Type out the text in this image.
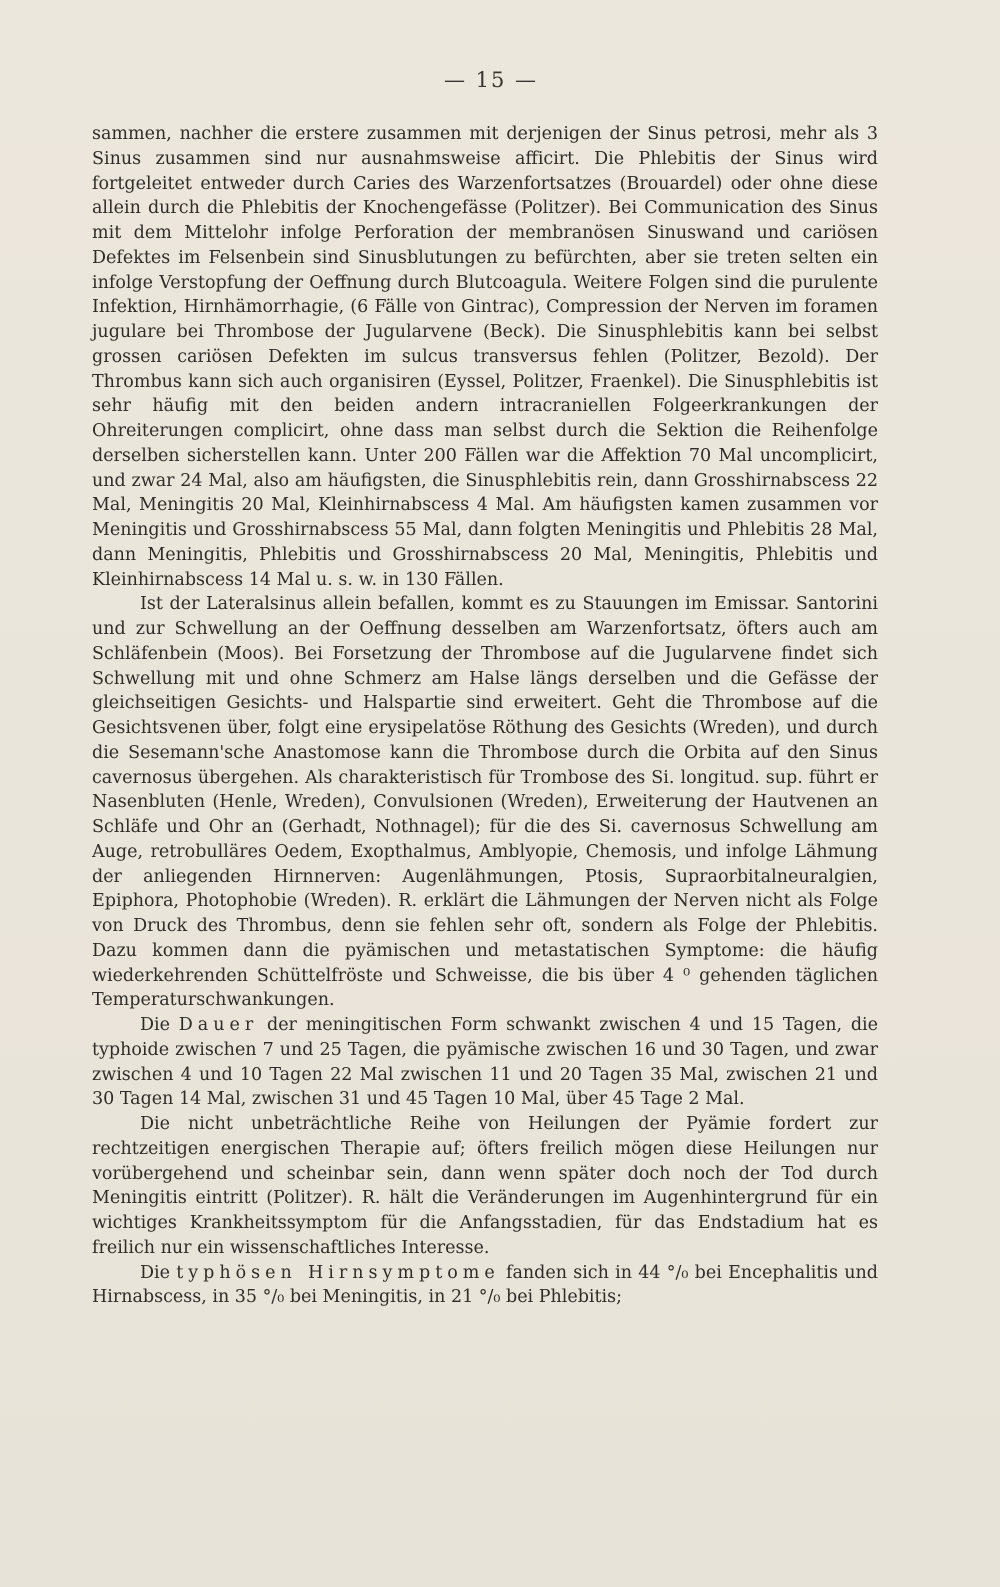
— 15 —

sammen, nachher die erstere zusammen mit derjenigen der Sinus petrosi, mehr als 3 Sinus zusammen sind nur ausnahmsweise afficirt. Die Phlebitis der Sinus wird fortgeleitet entweder durch Caries des Warzenfortsatzes (Brouardel) oder ohne diese allein durch die Phlebitis der Knochengefässe (Politzer). Bei Communication des Sinus mit dem Mittelohr infolge Perforation der membranösen Sinuswand und cariösen Defektes im Felsenbein sind Sinusblutungen zu befürchten, aber sie treten selten ein infolge Verstopfung der Oeffnung durch Blutcoagula. Weitere Folgen sind die purulente Infektion, Hirnhämorrhagie, (6 Fälle von Gintrac), Compression der Nerven im foramen jugulare bei Thrombose der Jugularvene (Beck). Die Sinusphlebitis kann bei selbst grossen cariösen Defekten im sulcus transversus fehlen (Politzer, Bezold). Der Thrombus kann sich auch organisiren (Eyssel, Politzer, Fraenkel). Die Sinusphlebitis ist sehr häufig mit den beiden andern intracraniellen Folgeerkrankungen der Ohreiterungen complicirt, ohne dass man selbst durch die Sektion die Reihenfolge derselben sicherstellen kann. Unter 200 Fällen war die Affektion 70 Mal uncomplicirt, und zwar 24 Mal, also am häufigsten, die Sinusphlebitis rein, dann Grosshirnabscess 22 Mal, Meningitis 20 Mal, Kleinhirnabscess 4 Mal. Am häufigsten kamen zusammen vor Meningitis und Grosshirnabscess 55 Mal, dann folgten Meningitis und Phlebitis 28 Mal, dann Meningitis, Phlebitis und Grosshirnabscess 20 Mal, Meningitis, Phlebitis und Kleinhirnabscess 14 Mal u. s. w. in 130 Fällen.

Ist der Lateralsinus allein befallen, kommt es zu Stauungen im Emissar. Santorini und zur Schwellung an der Oeffnung desselben am Warzenfortsatz, öfters auch am Schläfenbein (Moos). Bei Forsetzung der Thrombose auf die Jugularvene findet sich Schwellung mit und ohne Schmerz am Halse längs derselben und die Gefässe der gleichseitigen Gesichts- und Halspartie sind erweitert. Geht die Thrombose auf die Gesichtsvenen über, folgt eine erysipelatöse Röthung des Gesichts (Wreden), und durch die Sesemann'sche Anastomose kann die Thrombose durch die Orbita auf den Sinus cavernosus übergehen. Als charakteristisch für Trombose des Si. longitud. sup. führt er Nasenbluten (Henle, Wreden), Convulsionen (Wreden), Erweiterung der Hautvenen an Schläfe und Ohr an (Gerhadt, Nothnagel); für die des Si. cavernosus Schwellung am Auge, retrobulläres Oedem, Exopthalmus, Amblyopie, Chemosis, und infolge Lähmung der anliegenden Hirnnerven: Augenlähmungen, Ptosis, Supraorbitalneuralgien, Epiphora, Photophobie (Wreden). R. erklärt die Lähmungen der Nerven nicht als Folge von Druck des Thrombus, denn sie fehlen sehr oft, sondern als Folge der Phlebitis. Dazu kommen dann die pyämischen und metastatischen Symptome: die häufig wiederkehrenden Schüttelfröste und Schweisse, die bis über 4 ⁰ gehenden täglichen Temperaturschwankungen.

Die Dauer der meningitischen Form schwankt zwischen 4 und 15 Tagen, die typhoide zwischen 7 und 25 Tagen, die pyämische zwischen 16 und 30 Tagen, und zwar zwischen 4 und 10 Tagen 22 Mal zwischen 11 und 20 Tagen 35 Mal, zwischen 21 und 30 Tagen 14 Mal, zwischen 31 und 45 Tagen 10 Mal, über 45 Tage 2 Mal.

Die nicht unbeträchtliche Reihe von Heilungen der Pyämie fordert zur rechtzeitigen energischen Therapie auf; öfters freilich mögen diese Heilungen nur vorübergehend und scheinbar sein, dann wenn später doch noch der Tod durch Meningitis eintritt (Politzer). R. hält die Veränderungen im Augenhintergrund für ein wichtiges Krankheitssymptom für die Anfangsstadien, für das Endstadium hat es freilich nur ein wissenschaftliches Interesse.

Die typhösen Hirnsymptome fanden sich in 44 °/₀ bei Encephalitis und Hirnabscess, in 35 °/₀ bei Meningitis, in 21 °/₀ bei Phlebitis;
